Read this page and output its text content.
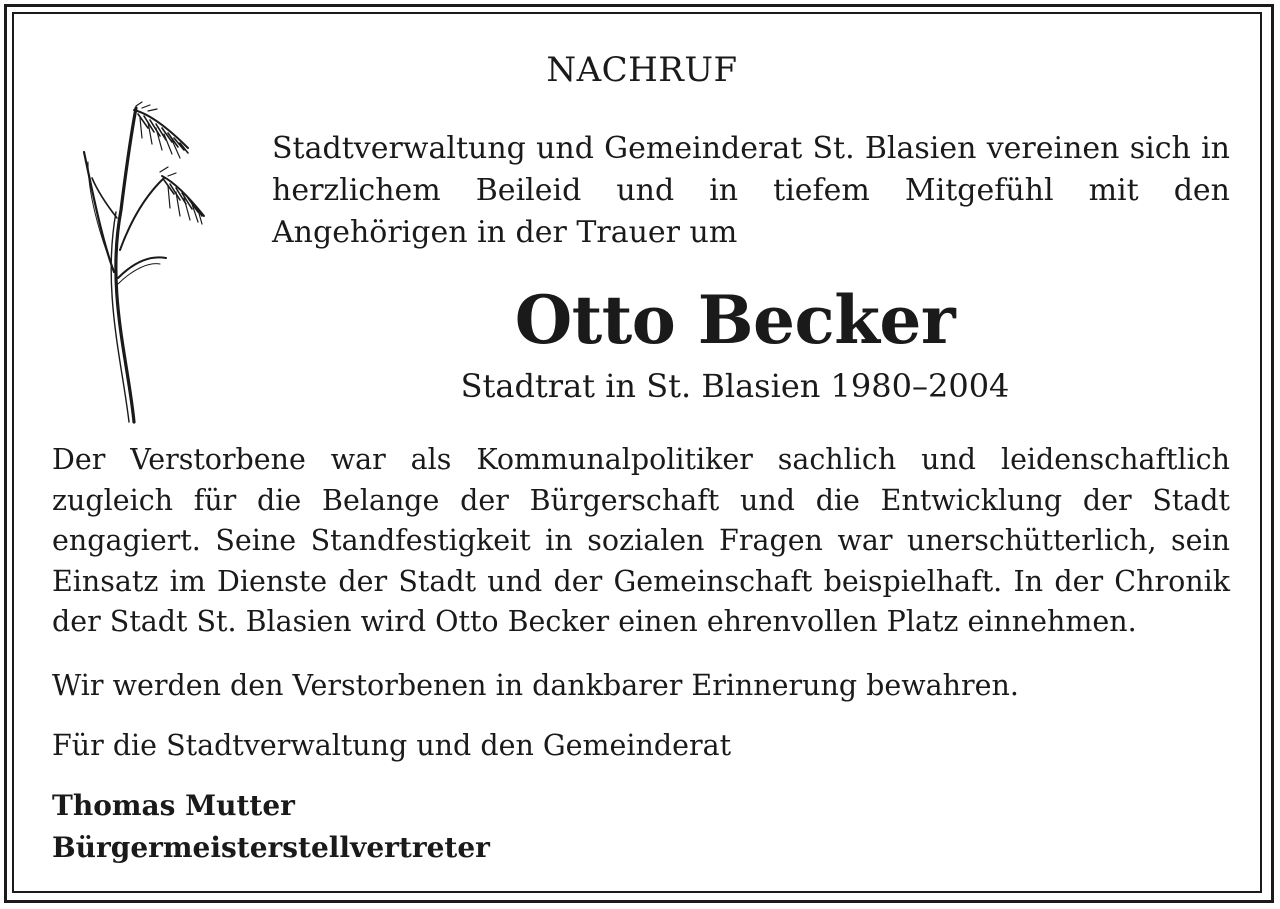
NACHRUF
Stadtverwaltung und Gemeinderat St. Blasien vereinen sich in herzlichem Beileid und in tiefem Mitgefühl mit den Angehörigen in der Trauer um
Otto Becker
Stadtrat in St. Blasien 1980–2004
Der Verstorbene war als Kommunalpolitiker sachlich und leidenschaftlich zugleich für die Belange der Bürgerschaft und die Entwicklung der Stadt engagiert. Seine Standfestigkeit in sozialen Fragen war unerschütterlich, sein Einsatz im Dienste der Stadt und der Gemeinschaft beispielhaft. In der Chronik der Stadt St. Blasien wird Otto Becker einen ehrenvollen Platz einnehmen.
Wir werden den Verstorbenen in dankbarer Erinnerung bewahren.
Für die Stadtverwaltung und den Gemeinderat
Thomas Mutter
Bürgermeisterstellvertreter
